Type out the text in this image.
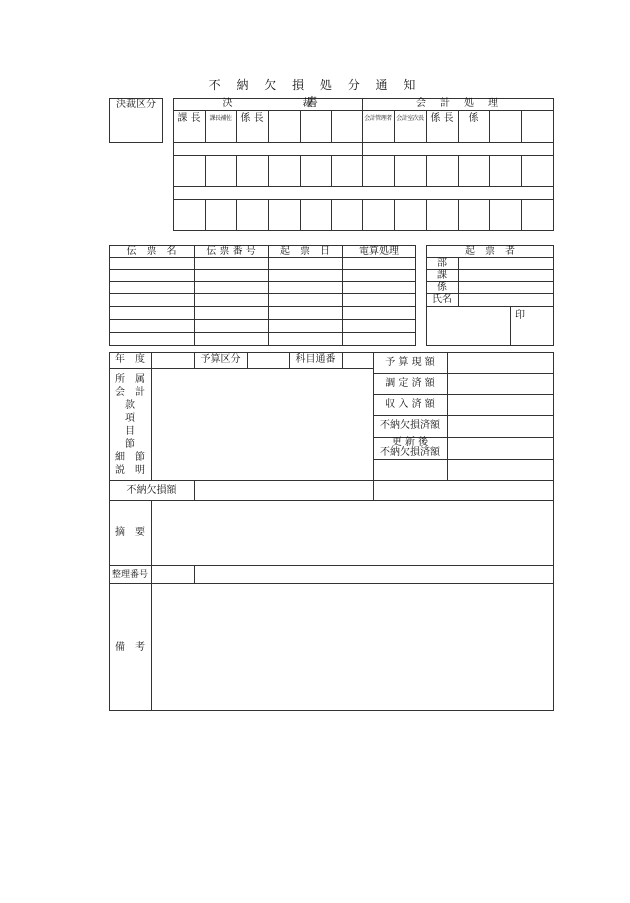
不 納 欠 損 処 分 通 知 書
決裁区分	決　　　　　　　裁	会　計　処　理
課 長	課長補佐 係 長	会計管理者 会計室次長 係 長	係
伝　票　名	伝 票 番 号	起　票　日	電算処理	起　票　者
部
課
係
氏名
印
年　度	予算区分	科目通番
所　属
会　計
款
項
目
節
細　節
説　明
予 算 現 額
調 定 済 額
収 入 済 額
不納欠損済額
更 新 後
不納欠損済額
不納欠損額
摘　要
整理番号
備　考
